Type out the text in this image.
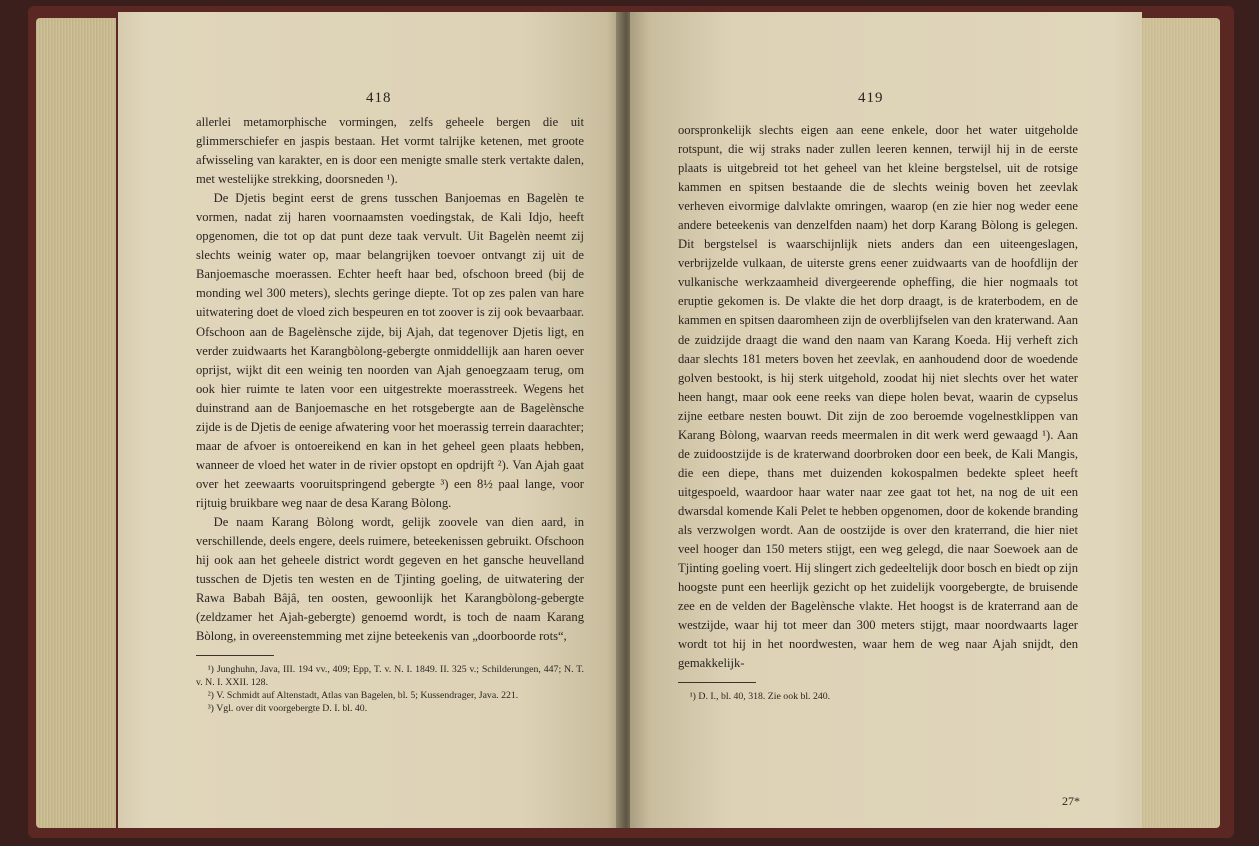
418

allerlei metamorphische vormingen, zelfs geheele bergen die uit glimmerschiefer en jaspis bestaan. Het vormt talrijke ketenen, met groote afwisseling van karakter, en is door een menigte smalle sterk vertakte dalen, met westelijke strekking, doorsneden ¹).

De Djetis begint eerst de grens tusschen Banjoemas en Bagelèn te vormen, nadat zij haren voornaamsten voedingstak, de Kali Idjo, heeft opgenomen, die tot op dat punt deze taak vervult. Uit Bagelèn neemt zij slechts weinig water op, maar belangrijken toevoer ontvangt zij uit de Banjoemasche moerassen. Echter heeft haar bed, ofschoon breed (bij de monding wel 300 meters), slechts geringe diepte. Tot op zes palen van hare uitwatering doet de vloed zich bespeuren en tot zoover is zij ook bevaarbaar. Ofschoon aan de Bagelènsche zijde, bij Ajah, dat tegenover Djetis ligt, en verder zuidwaarts het Karangbòlong-gebergte onmiddellijk aan haren oever oprijst, wijkt dit een weinig ten noorden van Ajah genoegzaam terug, om ook hier ruimte te laten voor een uitgestrekte moerasstreek. Wegens het duinstrand aan de Banjoemasche en het rotsgebergte aan de Bagelènsche zijde is de Djetis de eenige afwatering voor het moerassig terrein daarachter; maar de afvoer is ontoereikend en kan in het geheel geen plaats hebben, wanneer de vloed het water in de rivier opstopt en opdrijft ²). Van Ajah gaat over het zeewaarts vooruitspringend gebergte ³) een 8½ paal lange, voor rijtuig bruikbare weg naar de desa Karang Bòlong.

De naam Karang Bòlong wordt, gelijk zoovele van dien aard, in verschillende, deels engere, deels ruimere, beteekenissen gebruikt. Ofschoon hij ook aan het geheele district wordt gegeven en het gansche heuvelland tusschen de Djetis ten westen en de Tjinting goeling, de uitwatering der Rawa Babah Bâjâ, ten oosten, gewoonlijk het Karangbòlong-gebergte (zeldzamer het Ajah-gebergte) genoemd wordt, is toch de naam Karang Bòlong, in overeenstemming met zijne beteekenis van „doorboorde rots“,

¹) Junghuhn, Java, III. 194 vv., 409; Epp, T. v. N. I. 1849. II. 325 v.; Schilderungen, 447; N. T. v. N. I. XXII. 128.

²) V. Schmidt auf Altenstadt, Atlas van Bagelen, bl. 5; Kussendrager, Java. 221.

³) Vgl. over dit voorgebergte D. I. bl. 40.

419

oorspronkelijk slechts eigen aan eene enkele, door het water uitgeholde rotspunt, die wij straks nader zullen leeren kennen, terwijl hij in de eerste plaats is uitgebreid tot het geheel van het kleine bergstelsel, uit de rotsige kammen en spitsen bestaande die de slechts weinig boven het zeevlak verheven eivormige dalvlakte omringen, waarop (en zie hier nog weder eene andere beteekenis van denzelfden naam) het dorp Karang Bòlong is gelegen. Dit bergstelsel is waarschijnlijk niets anders dan een uiteengeslagen, verbrijzelde vulkaan, de uiterste grens eener zuidwaarts van de hoofdlijn der vulkanische werkzaamheid divergeerende opheffing, die hier nogmaals tot eruptie gekomen is. De vlakte die het dorp draagt, is de kraterbodem, en de kammen en spitsen daaromheen zijn de overblijfselen van den kraterwand. Aan de zuidzijde draagt die wand den naam van Karang Koeda. Hij verheft zich daar slechts 181 meters boven het zeevlak, en aanhoudend door de woedende golven bestookt, is hij sterk uitgehold, zoodat hij niet slechts over het water heen hangt, maar ook eene reeks van diepe holen bevat, waarin de cypselus zijne eetbare nesten bouwt. Dit zijn de zoo beroemde vogelnestklippen van Karang Bòlong, waarvan reeds meermalen in dit werk werd gewaagd ¹). Aan de zuidoostzijde is de kraterwand doorbroken door een beek, de Kali Mangis, die een diepe, thans met duizenden kokospalmen bedekte spleet heeft uitgespoeld, waardoor haar water naar zee gaat tot het, na nog de uit een dwarsdal komende Kali Pelet te hebben opgenomen, door de kokende branding als verzwolgen wordt. Aan de oostzijde is over den kraterrand, die hier niet veel hooger dan 150 meters stijgt, een weg gelegd, die naar Soewoek aan de Tjinting goeling voert. Hij slingert zich gedeeltelijk door bosch en biedt op zijn hoogste punt een heerlijk gezicht op het zuidelijk voorgebergte, de bruisende zee en de velden der Bagelènsche vlakte. Het hoogst is de kraterrand aan de westzijde, waar hij tot meer dan 300 meters stijgt, maar noordwaarts lager wordt tot hij in het noordwesten, waar hem de weg naar Ajah snijdt, den gemakkelijk-

¹) D. I., bl. 40, 318. Zie ook bl. 240.

27*
